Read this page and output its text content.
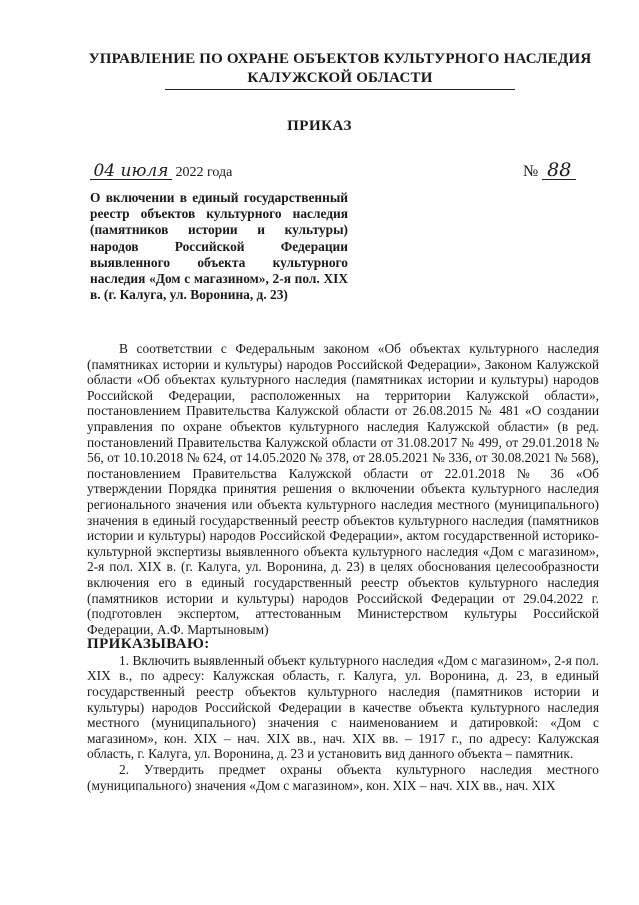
УПРАВЛЕНИЕ ПО ОХРАНЕ ОБЪЕКТОВ КУЛЬТУРНОГО НАСЛЕДИЯ

КАЛУЖСКОЙ ОБЛАСТИ
ПРИКАЗ
04 июля 2022 года	№ 88
О включении в единый государственный реестр объектов культурного наследия (памятников истории и культуры) народов Российской Федерации выявленного объекта культурного наследия «Дом с магазином», 2-я пол. XIX в. (г. Калуга, ул. Воронина, д. 23)

В соответствии с Федеральным законом «Об объектах культурного наследия (памятниках истории и культуры) народов Российской Федерации», Законом Калужской области «Об объектах культурного наследия (памятниках истории и культуры) народов Российской Федерации, расположенных на территории Калужской области», постановлением Правительства Калужской области от 26.08.2015 № 481 «О создании управления по охране объектов культурного наследия Калужской области» (в ред. постановлений Правительства Калужской области от 31.08.2017 № 499, от 29.01.2018 № 56, от 10.10.2018 № 624, от 14.05.2020 № 378, от 28.05.2021 № 336, от 30.08.2021 № 568), постановлением Правительства Калужской области от 22.01.2018 № 36 «Об утверждении Порядка принятия решения о включении объекта культурного наследия регионального значения или объекта культурного наследия местного (муниципального) значения в единый государственный реестр объектов культурного наследия (памятников истории и культуры) народов Российской Федерации», актом государственной историко-культурной экспертизы выявленного объекта культурного наследия «Дом с магазином», 2-я пол. XIX в. (г. Калуга, ул. Воронина, д. 23) в целях обоснования целесообразности включения его в единый государственный реестр объектов культурного наследия (памятников истории и культуры) народов Российской Федерации от 29.04.2022 г. (подготовлен экспертом, аттестованным Министерством культуры Российской Федерации, А.Ф. Мартыновым)

ПРИКАЗЫВАЮ:

1. Включить выявленный объект культурного наследия «Дом с магазином», 2-я пол. XIX в., по адресу: Калужская область, г. Калуга, ул. Воронина, д. 23, в единый государственный реестр объектов культурного наследия (памятников истории и культуры) народов Российской Федерации в качестве объекта культурного наследия местного (муниципального) значения с наименованием и датировкой: «Дом с магазином», кон. XIX – нач. XIX вв., нач. XIX вв. – 1917 г., по адресу: Калужская область, г. Калуга, ул. Воронина, д. 23 и установить вид данного объекта – памятник.

2. Утвердить предмет охраны объекта культурного наследия местного (муниципального) значения «Дом с магазином», кон. XIX – нач. XIX вв., нач. XIX
